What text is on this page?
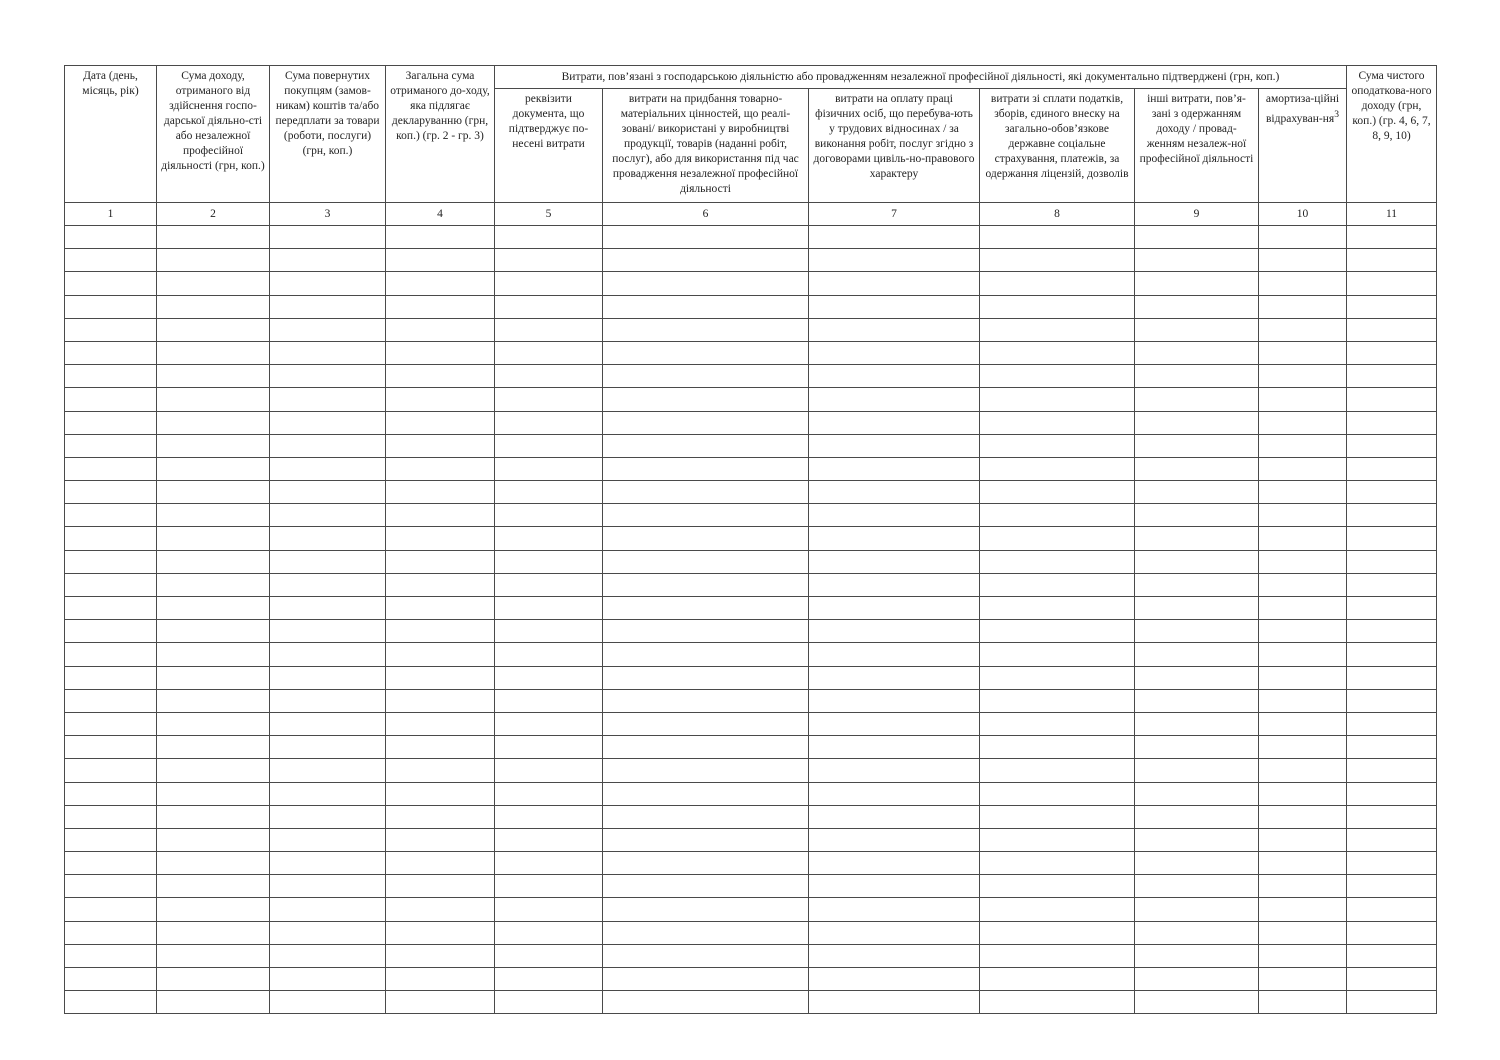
Дата (день, місяць, рік)	Сума доходу, отриманого від здійснення госпо-дарської діяльно-сті або незалежної професійної діяльності (грн, коп.)	Сума повернутих покупцям (замов-никам) коштів та/або передплати за товари (роботи, послуги) (грн, коп.)	Загальна сума отриманого до-ходу, яка підлягає декларуванню (грн, коп.) (гр. 2 - гр. 3)	Витрати, пов’язані з господарською діяльністю або провадженням незалежної професійної діяльності, які документально підтверджені (грн, коп.)						Сума чистого оподаткова-ного доходу (грн, коп.) (гр. 4, 6, 7, 8, 9, 10)

				реквізити документа, що підтверджує по-несені витрати	витрати на придбання товарно-матеріальних цінностей, що реалі-зовані/ використані у виробництві продукції, товарів (наданні робіт, послуг), або для використання під час провадження незалежної професійної діяльності	витрати на оплату праці фізичних осіб, що перебува-ють у трудових відносинах / за виконання робіт, послуг згідно з договорами цивіль-но-правового характеру	витрати зі сплати податків, зборів, єдиного внеску на загально-обов’язкове державне соціальне страхування, платежів, за одержання ліцензій, дозволів	інші витрати, пов’я-зані з одержанням доходу / провад-женням незалеж-ної професійної діяльності	амортиза-ційні відрахуван-$ня^3$

1	2	3	4	5	6	7	8	9	10	11
